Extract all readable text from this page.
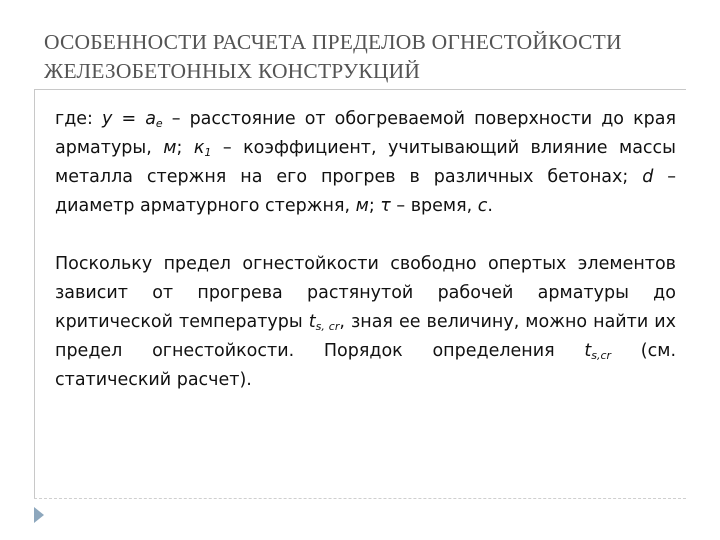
ОСОБЕННОСТИ РАСЧЕТА ПРЕДЕЛОВ ОГНЕСТОЙКОСТИ
ЖЕЛЕЗОБЕТОННЫХ КОНСТРУКЦИЙ

где: $y = a_e$ – расстояние от обогреваемой поверхности до края арматуры, м; $к_1$ – коэффициент, учитывающий влияние массы металла стержня на его прогрев в различных бетонах; d – диаметр арматурного стержня, м; τ – время, с.

Поскольку предел огнестойкости свободно опертых элементов зависит от прогрева растянутой рабочей арматуры до критической температуры $t_{s, cr}$, зная ее величину, можно найти их предел огнестойкости. Порядок определения $t_{s,cr}$ (см. статический расчет).
